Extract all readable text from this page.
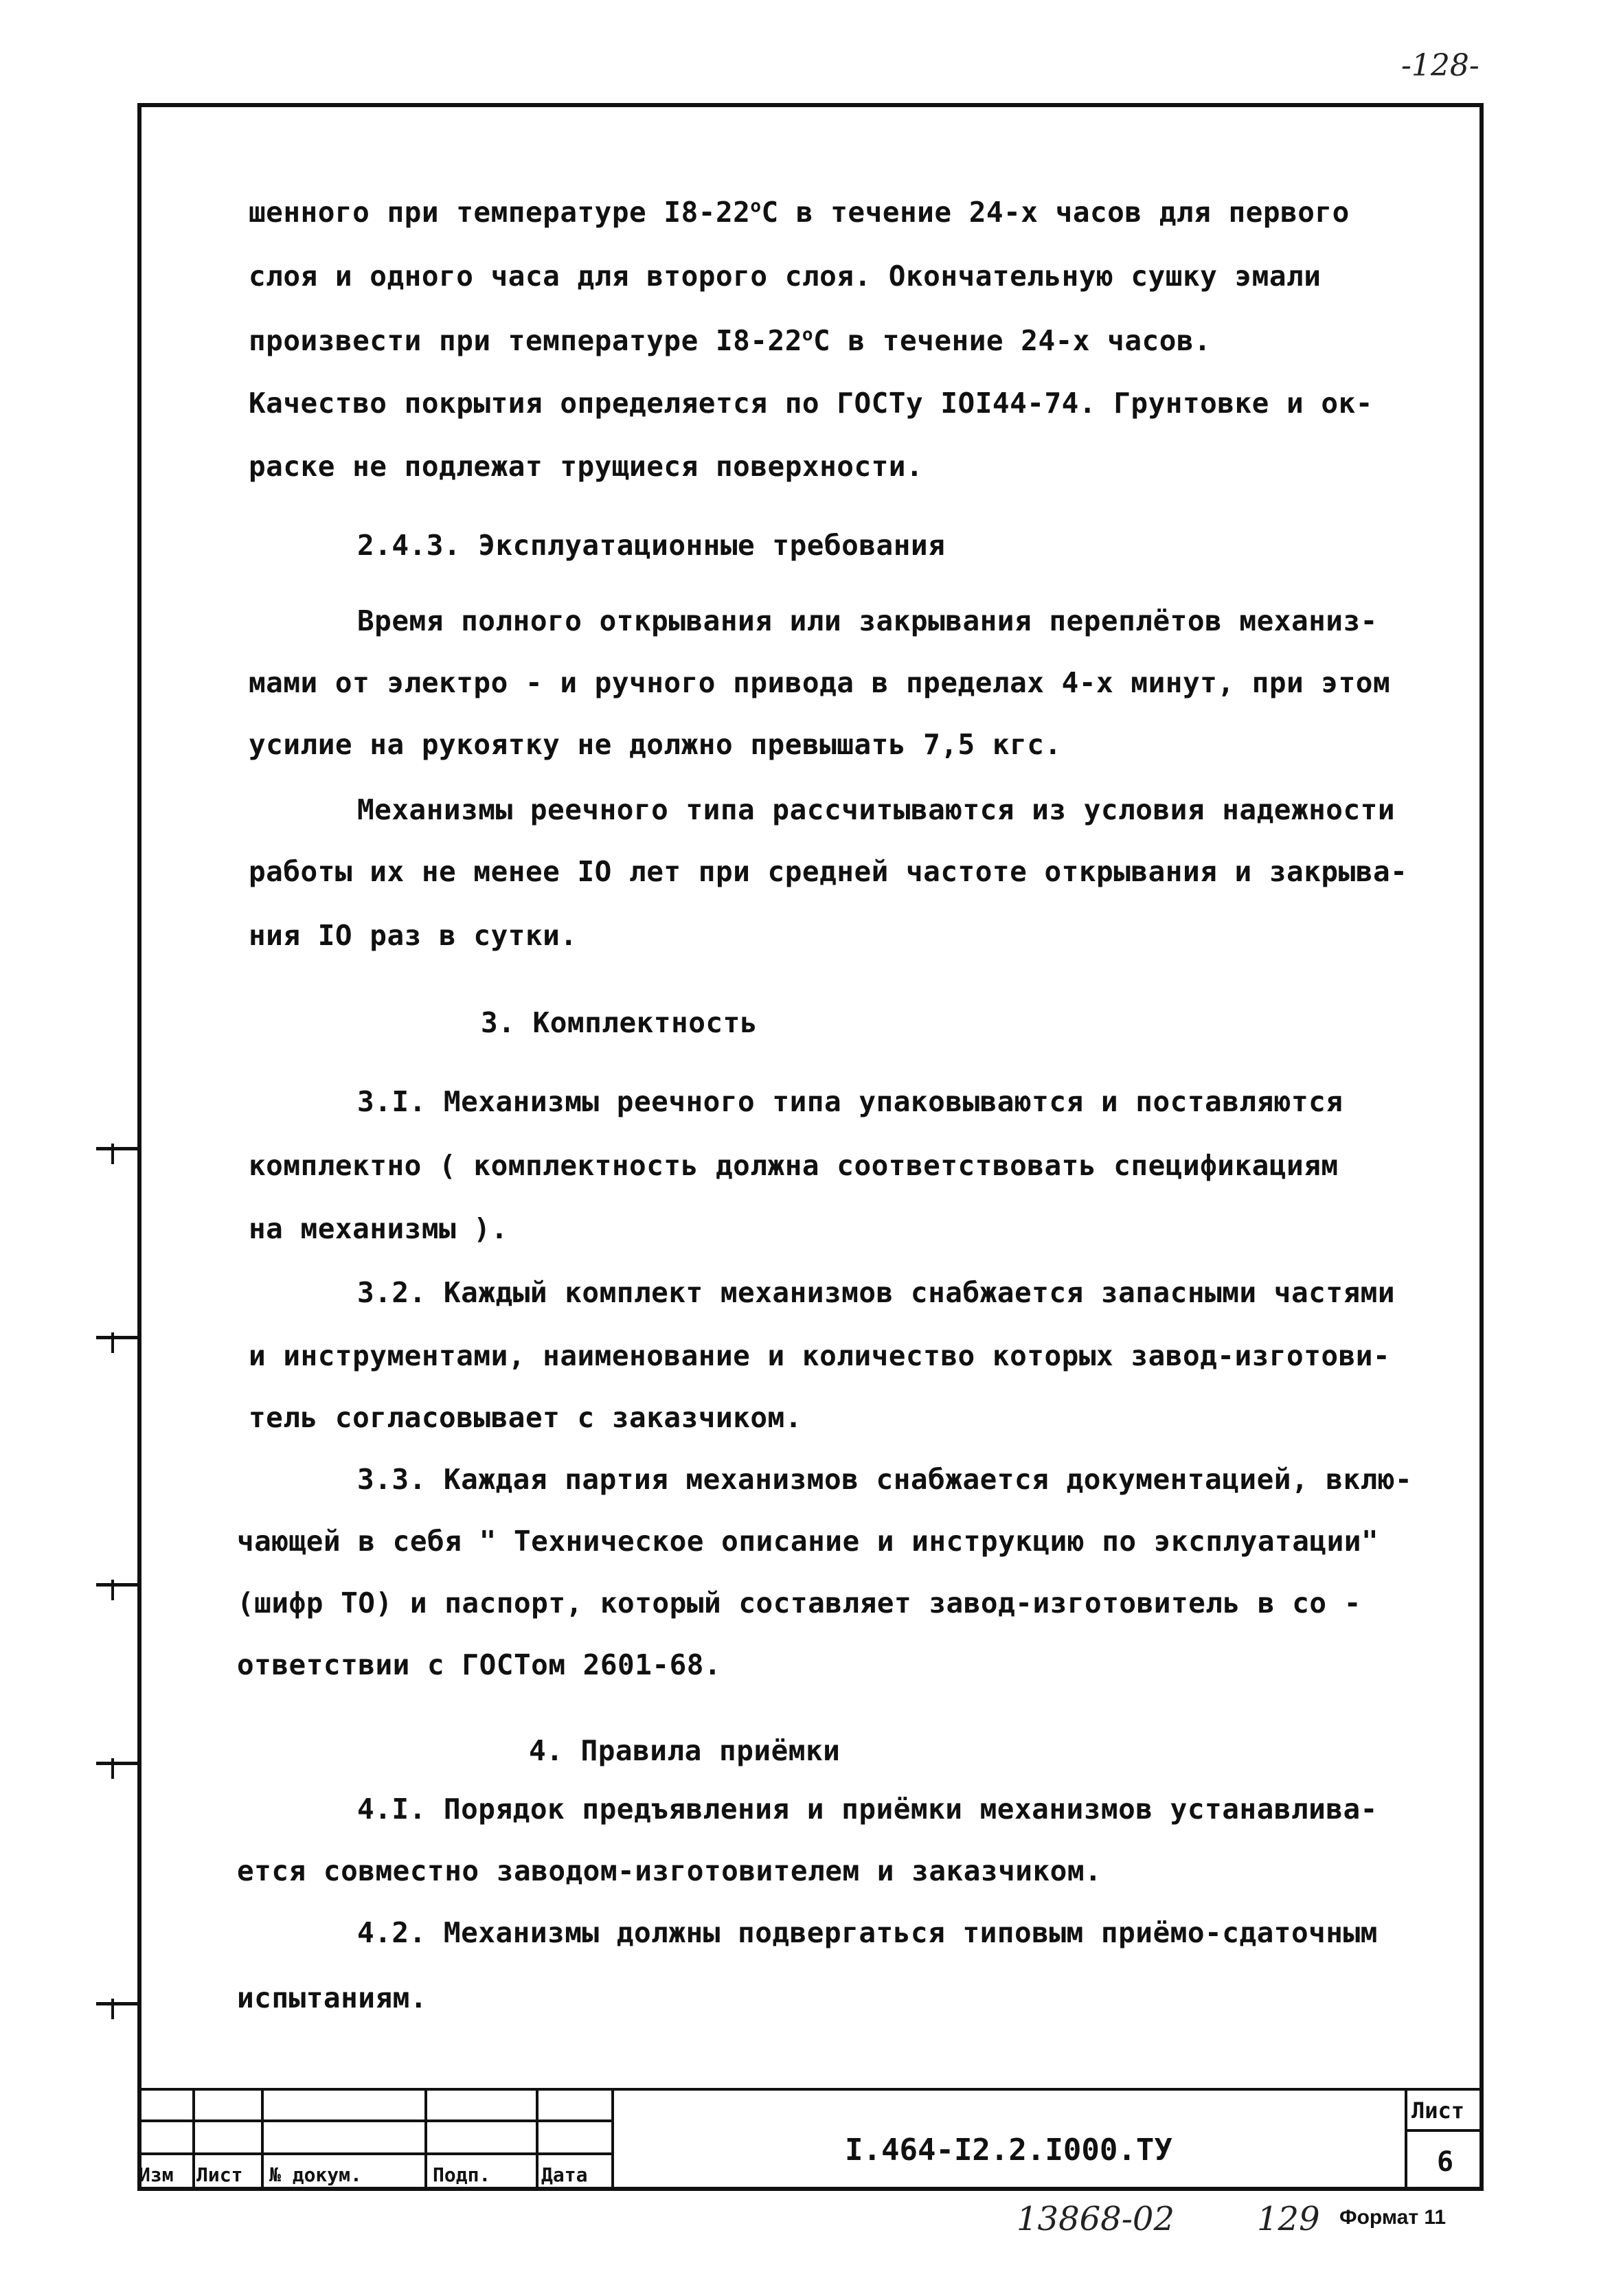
-128-
шенного при температуре I8-22$^o$C в течение 24-х часов для первого
слоя и одного часа для второго слоя. Окончательную сушку эмали
произвести при температуре I8-22$^o$C в течение 24-х часов.
Качество покрытия определяется по ГОСТу IOI44-74. Грунтовке и ок-
раске не подлежат трущиеся поверхности.
2.4.3. Эксплуатационные требования
Время полного открывания или закрывания переплётов механиз-
мами от электро - и ручного привода в пределах 4-х минут, при этом
усилие на рукоятку не должно превышать 7,5 кгс.
Механизмы реечного типа рассчитываются из условия надежности
работы их не менее IO лет при средней частоте открывания и закрыва-
ния IO раз в сутки.
3. Комплектность
3.I. Механизмы реечного типа упаковываются и поставляются
комплектно ( комплектность должна соответствовать спецификациям
на механизмы ).
3.2. Каждый комплект механизмов снабжается запасными частями
и инструментами, наименование и количество которых завод-изготови-
тель согласовывает с заказчиком.
3.3. Каждая партия механизмов снабжается документацией, вклю-
чающей в себя " Техническое описание и инструкцию по эксплуатации"
(шифр ТО) и паспорт, который составляет завод-изготовитель в со -
ответствии с ГОСТом 2601-68.
4. Правила приёмки
4.I. Порядок предъявления и приёмки механизмов устанавлива-
ется совместно заводом-изготовителем и заказчиком.
4.2. Механизмы должны подвергаться типовым приёмо-сдаточным
испытаниям.
Изм Лист № докум.	Подп.	Дата
I.464-I2.2.I000.ТУ
Лист
6
13868-02	129 Формат 11
